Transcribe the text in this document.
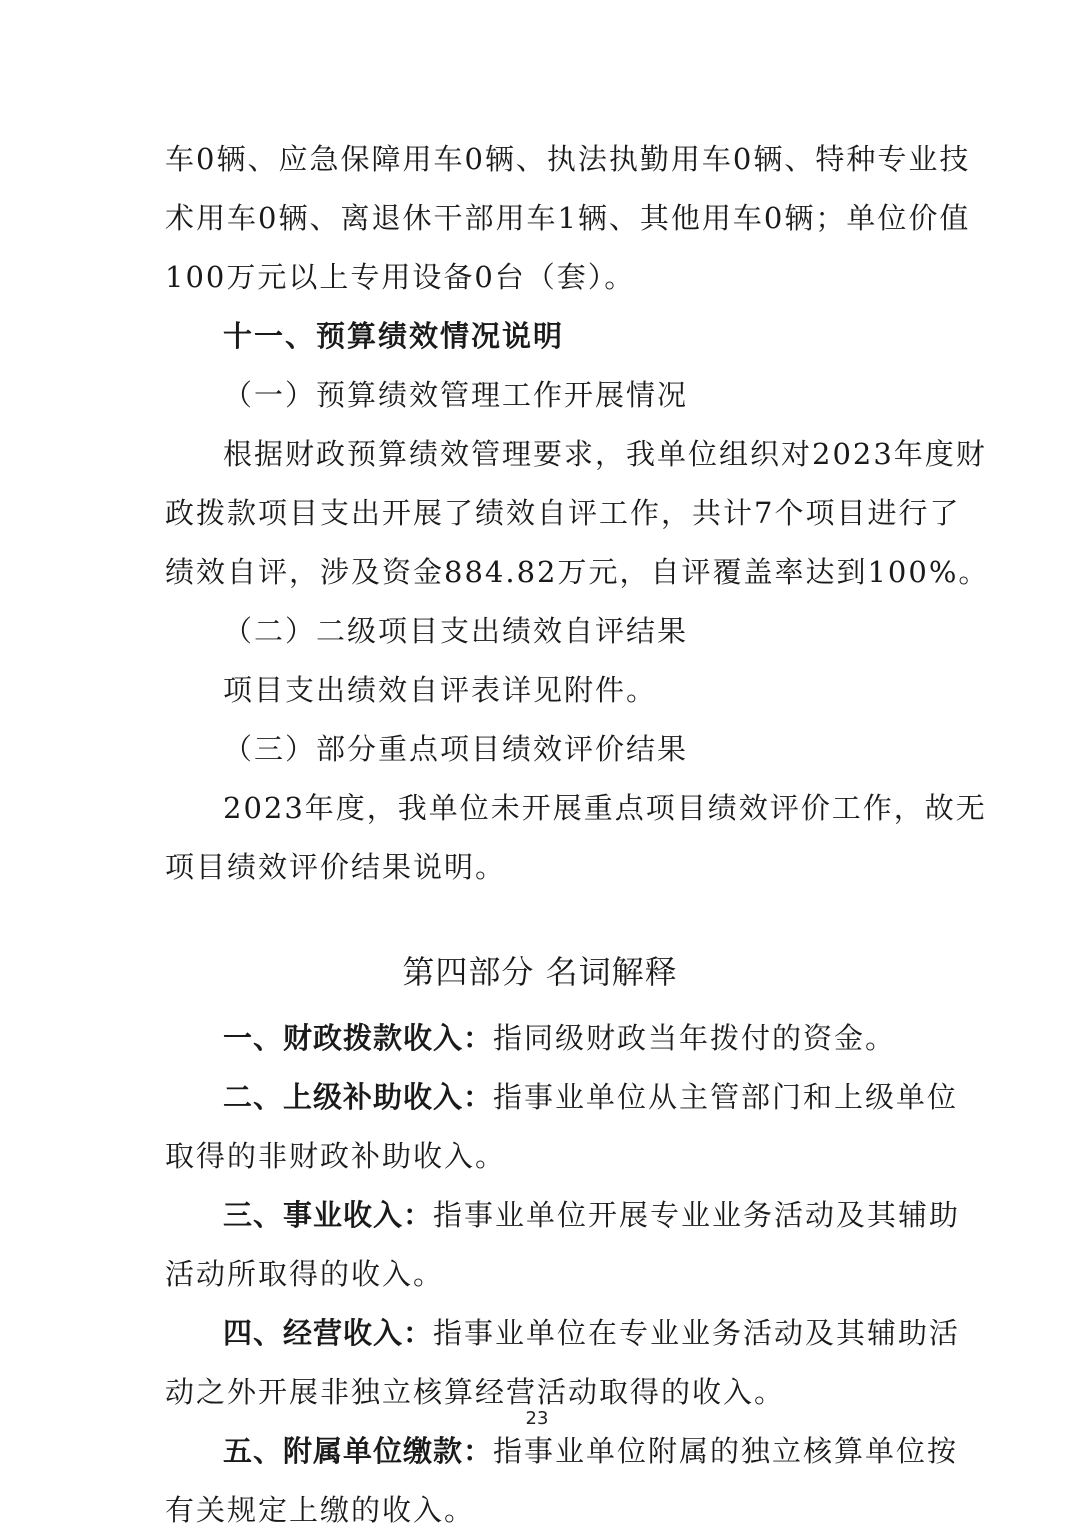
车0辆、应急保障用车0辆、执法执勤用车0辆、特种专业技
术用车0辆、离退休干部用车1辆、其他用车0辆；单位价值
100万元以上专用设备0台（套）。
十一、预算绩效情况说明
（一）预算绩效管理工作开展情况
根据财政预算绩效管理要求，我单位组织对2023年度财
政拨款项目支出开展了绩效自评工作，共计7个项目进行了
绩效自评，涉及资金884.82万元，自评覆盖率达到100%。
（二）二级项目支出绩效自评结果
项目支出绩效自评表详见附件。
（三）部分重点项目绩效评价结果
2023年度，我单位未开展重点项目绩效评价工作，故无
项目绩效评价结果说明。
第四部分 名词解释
一、财政拨款收入：指同级财政当年拨付的资金。
二、上级补助收入：指事业单位从主管部门和上级单位
取得的非财政补助收入。
三、事业收入：指事业单位开展专业业务活动及其辅助
活动所取得的收入。
四、经营收入：指事业单位在专业业务活动及其辅助活
动之外开展非独立核算经营活动取得的收入。
五、附属单位缴款：指事业单位附属的独立核算单位按
有关规定上缴的收入。
23
